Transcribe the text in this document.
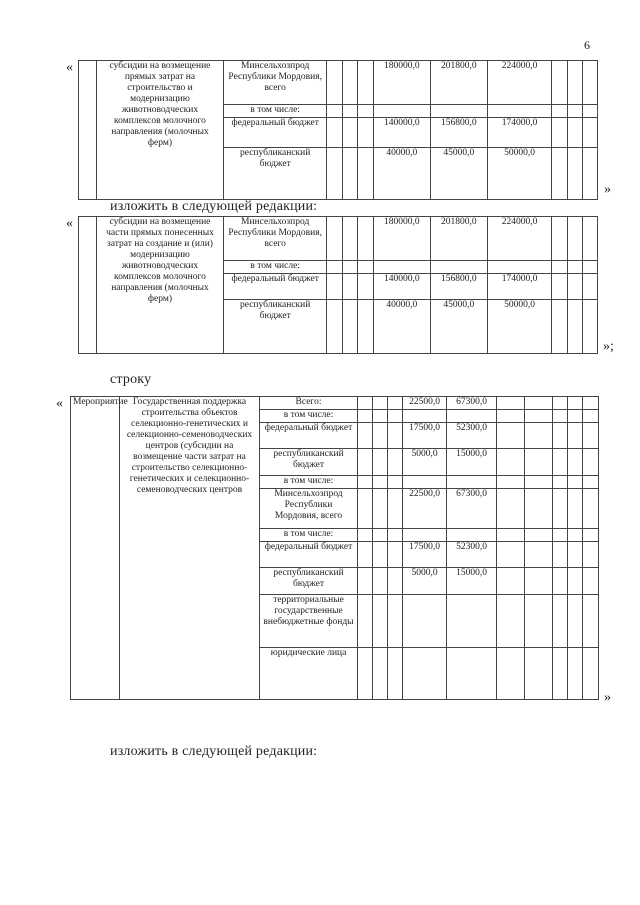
6
«
		субсидии на возмещение прямых затрат на строительство и модернизацию животноводческих комплексов молочного направления (молочных ферм)	Минсельхозпрод Республики Мордовия, всего				180000,0	201800,0	224000,0			
		в том числе:									
		федеральный бюджет				140000,0	156800,0	174000,0			
		республиканский бюджет				40000,0	45000,0	50000,0			
»
изложить в следующей редакции:
«
		субсидии на возмещение части прямых понесенных затрат на создание и (или) модернизацию животноводческих комплексов молочного направления (молочных ферм)	Минсельхозпрод Республики Мордовия, всего				180000,0	201800,0	224000,0			
		в том числе:									
		федеральный бюджет				140000,0	156800,0	174000,0			
		республиканский бюджет				40000,0	45000,0	50000,0			
»;
строку
« Мероприятие	Государственная поддержка строительства объектов селекционно-генетических и селекционно-семеноводческих центров (субсидии на возмещение части затрат на строительство селекционно-генетических и селекционно-семеноводческих центров	Всего:				22500,0	67300,0					
		в том числе:										
		федеральный бюджет				17500,0	52300,0					
		республиканский бюджет				5000,0	15000,0					
		в том числе:										
		Минсельхозпрод Республики Мордовия, всего				22500,0	67300,0					
		в том числе:										
		федеральный бюджет				17500,0	52300,0					
		республиканский бюджет				5000,0	15000,0					
		территориальные государственные внебюджетные фонды										
		юридические лица										
»
изложить в следующей редакции:
